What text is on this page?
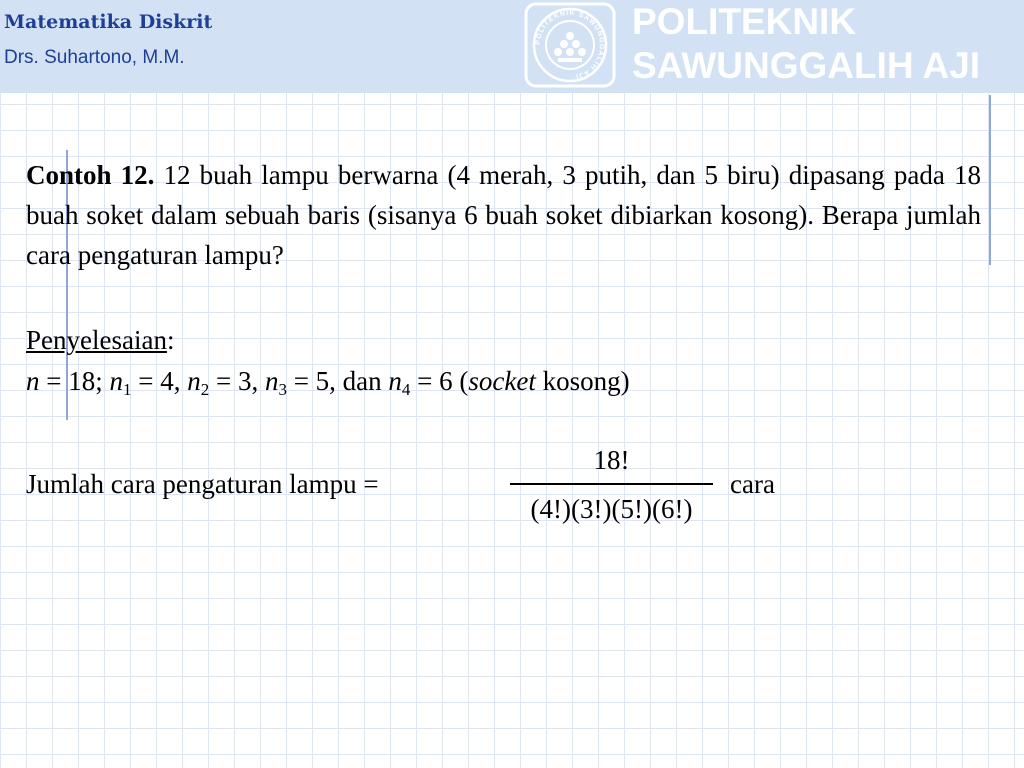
Matematika Diskrit
Drs. Suhartono, M.M.
POLITEKNIK SAWUNGGALIH AJI
POLITEKNIK
SAWUNGGALIH AJI
Contoh 12. 12 buah lampu berwarna (4 merah, 3 putih, dan 5 biru) dipasang pada 18 buah soket dalam sebuah baris (sisanya 6 buah soket dibiarkan kosong). Berapa jumlah cara pengaturan lampu?
Penyelesaian:
n = 18; $n_1 = 4$, $n_2 = 3$, $n_3 = 5$, dan $n_4 = 6$ (socket kosong)
Jumlah cara pengaturan lampu =
18!
(4!)(3!)(5!)(6!)
cara
